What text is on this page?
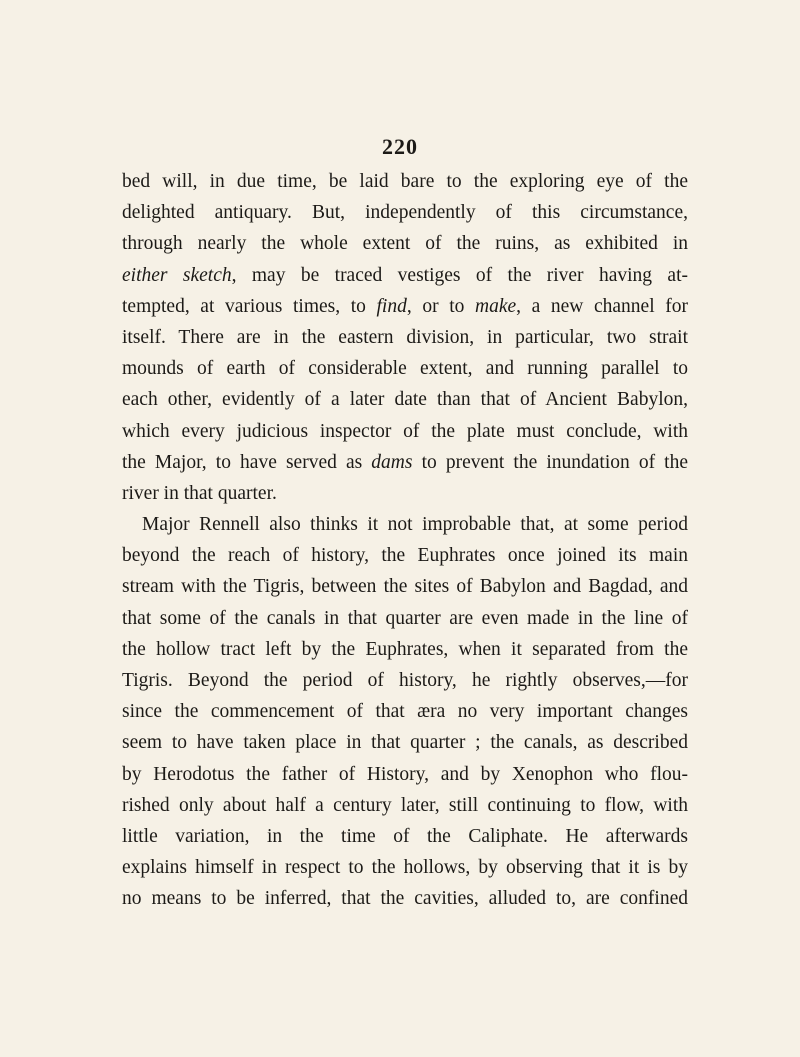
220
bed will, in due time, be laid bare to the exploring eye of the
delighted antiquary. But, independently of this circumstance,
through nearly the whole extent of the ruins, as exhibited in
either sketch, may be traced vestiges of the river having at-
tempted, at various times, to find, or to make, a new channel for
itself. There are in the eastern division, in particular, two strait
mounds of earth of considerable extent, and running parallel to
each other, evidently of a later date than that of Ancient Babylon,
which every judicious inspector of the plate must conclude, with
the Major, to have served as dams to prevent the inundation of the
river in that quarter.
Major Rennell also thinks it not improbable that, at some period
beyond the reach of history, the Euphrates once joined its main
stream with the Tigris, between the sites of Babylon and Bagdad, and
that some of the canals in that quarter are even made in the line of
the hollow tract left by the Euphrates, when it separated from the
Tigris. Beyond the period of history, he rightly observes,—for
since the commencement of that æra no very important changes
seem to have taken place in that quarter ; the canals, as described
by Herodotus the father of History, and by Xenophon who flou-
rished only about half a century later, still continuing to flow, with
little variation, in the time of the Caliphate. He afterwards
explains himself in respect to the hollows, by observing that it is by
no means to be inferred, that the cavities, alluded to, are confined
